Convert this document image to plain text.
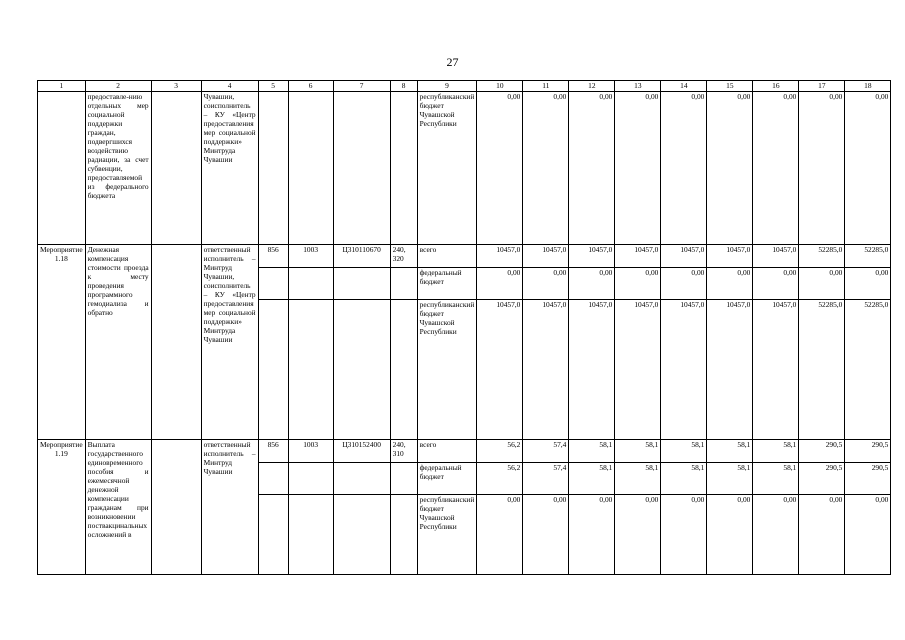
27
1	2	3	4	5	6	7	8	9	10	11	12	13	14	15	16	17	18
	предоставле-нию отдельных мер социальной поддержки граждан, подвергшихся воздействию радиации, за счет субвенции, предоставляемой из федерального бюджета		Чувашии, соисполнитель – КУ «Центр предоставления мер социальной поддержки» Минтруда Чувашии					республиканский бюджет Чувашской Республики	0,00	0,00	0,00	0,00	0,00	0,00	0,00	0,00	0,00
Мероприятие 1.18	Денежная компенсация стоимости проезда к месту проведения программного гемодиализа и обратно		ответственный исполнитель – Минтруд Чувашии, соисполнитель – КУ «Центр предоставления мер социальной поддержки» Минтруда Чувашии	856	1003	Ц310110670	240, 320	всего	10457,0	10457,0	10457,0	10457,0	10457,0	10457,0	10457,0	52285,0	52285,0
								федеральный бюджет	0,00	0,00	0,00	0,00	0,00	0,00	0,00	0,00	0,00
								республиканский бюджет Чувашской Республики	10457,0	10457,0	10457,0	10457,0	10457,0	10457,0	10457,0	52285,0	52285,0
Мероприятие 1.19	Выплата государственного единовременного пособия и ежемесячной денежной компенсации гражданам при возникновении поствакцинальных осложнений в		ответственный исполнитель – Минтруд Чувашии	856	1003	Ц310152400	240, 310	всего	56,2	57,4	58,1	58,1	58,1	58,1	58,1	290,5	290,5
								федеральный бюджет	56,2	57,4	58,1	58,1	58,1	58,1	58,1	290,5	290,5
								республиканский бюджет Чувашской Республики	0,00	0,00	0,00	0,00	0,00	0,00	0,00	0,00	0,00
